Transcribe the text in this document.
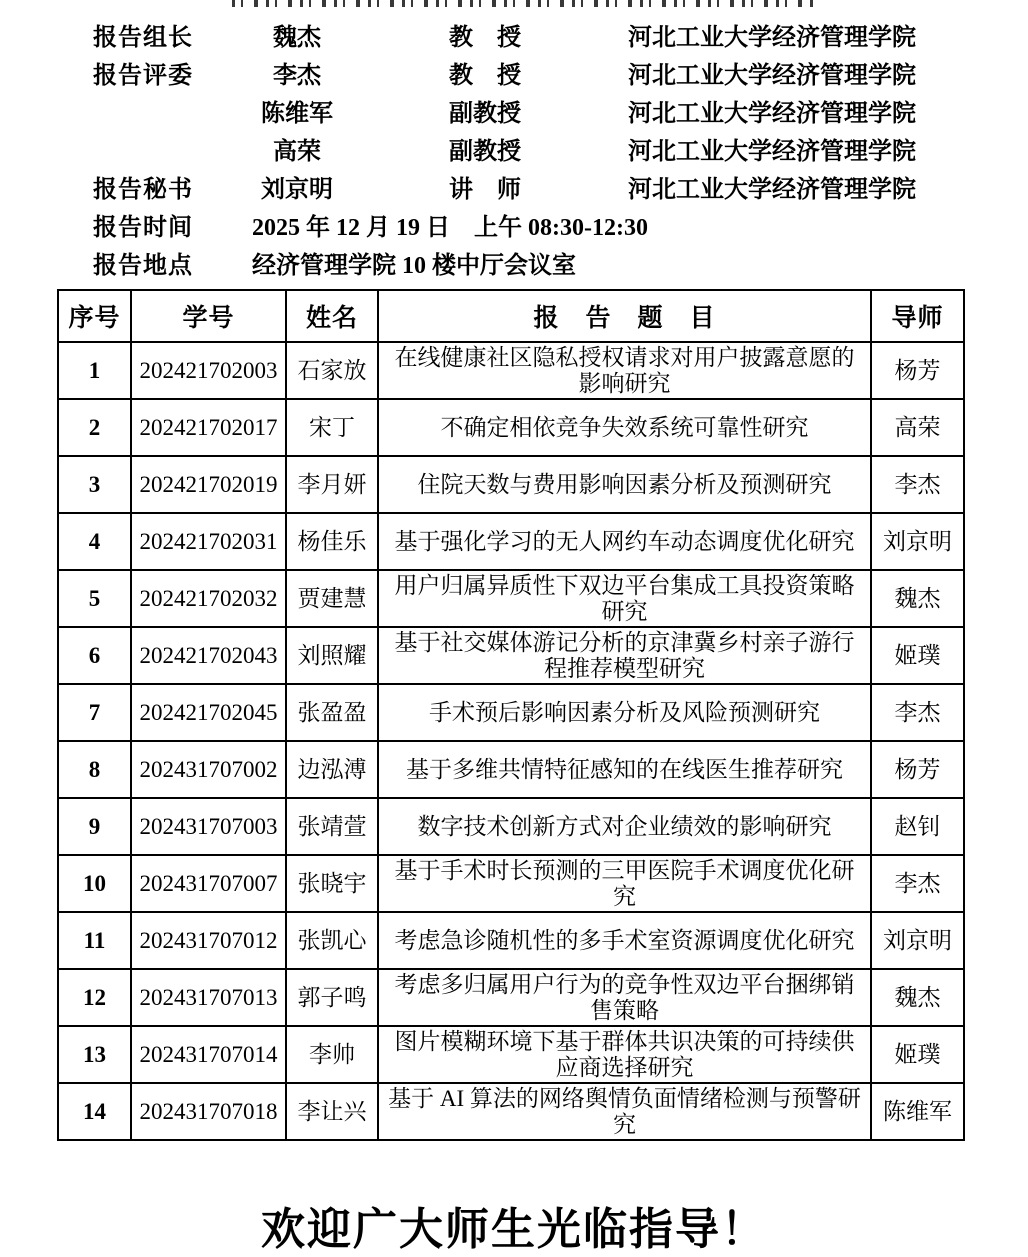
报告组长	魏杰	教　授	河北工业大学经济管理学院
报告评委	李杰	教　授	河北工业大学经济管理学院
陈维军	副教授	河北工业大学经济管理学院
高荣	副教授	河北工业大学经济管理学院
报告秘书	刘京明	讲　师	河北工业大学经济管理学院
报告时间	2025 年 12 月 19 日　上午 08:30-12:30
报告地点	经济管理学院 10 楼中厅会议室
序号	学号	姓名	报　告　题　目	导师
1	202421702003	石家放	在线健康社区隐私授权请求对用户披露意愿的影响研究	杨芳
2	202421702017	宋丁	不确定相依竞争失效系统可靠性研究	高荣
3	202421702019	李月妍	住院天数与费用影响因素分析及预测研究	李杰
4	202421702031	杨佳乐	基于强化学习的无人网约车动态调度优化研究	刘京明
5	202421702032	贾建慧	用户归属异质性下双边平台集成工具投资策略研究	魏杰
6	202421702043	刘照耀	基于社交媒体游记分析的京津冀乡村亲子游行程推荐模型研究	姬璞
7	202421702045	张盈盈	手术预后影响因素分析及风险预测研究	李杰
8	202431707002	边泓溥	基于多维共情特征感知的在线医生推荐研究	杨芳
9	202431707003	张靖萱	数字技术创新方式对企业绩效的影响研究	赵钊
10	202431707007	张晓宇	基于手术时长预测的三甲医院手术调度优化研究	李杰
11	202431707012	张凯心	考虑急诊随机性的多手术室资源调度优化研究	刘京明
12	202431707013	郭子鸣	考虑多归属用户行为的竞争性双边平台捆绑销售策略	魏杰
13	202431707014	李帅	图片模糊环境下基于群体共识决策的可持续供应商选择研究	姬璞
14	202431707018	李让兴	基于 AI 算法的网络舆情负面情绪检测与预警研究	陈维军
欢迎广大师生光临指导！
